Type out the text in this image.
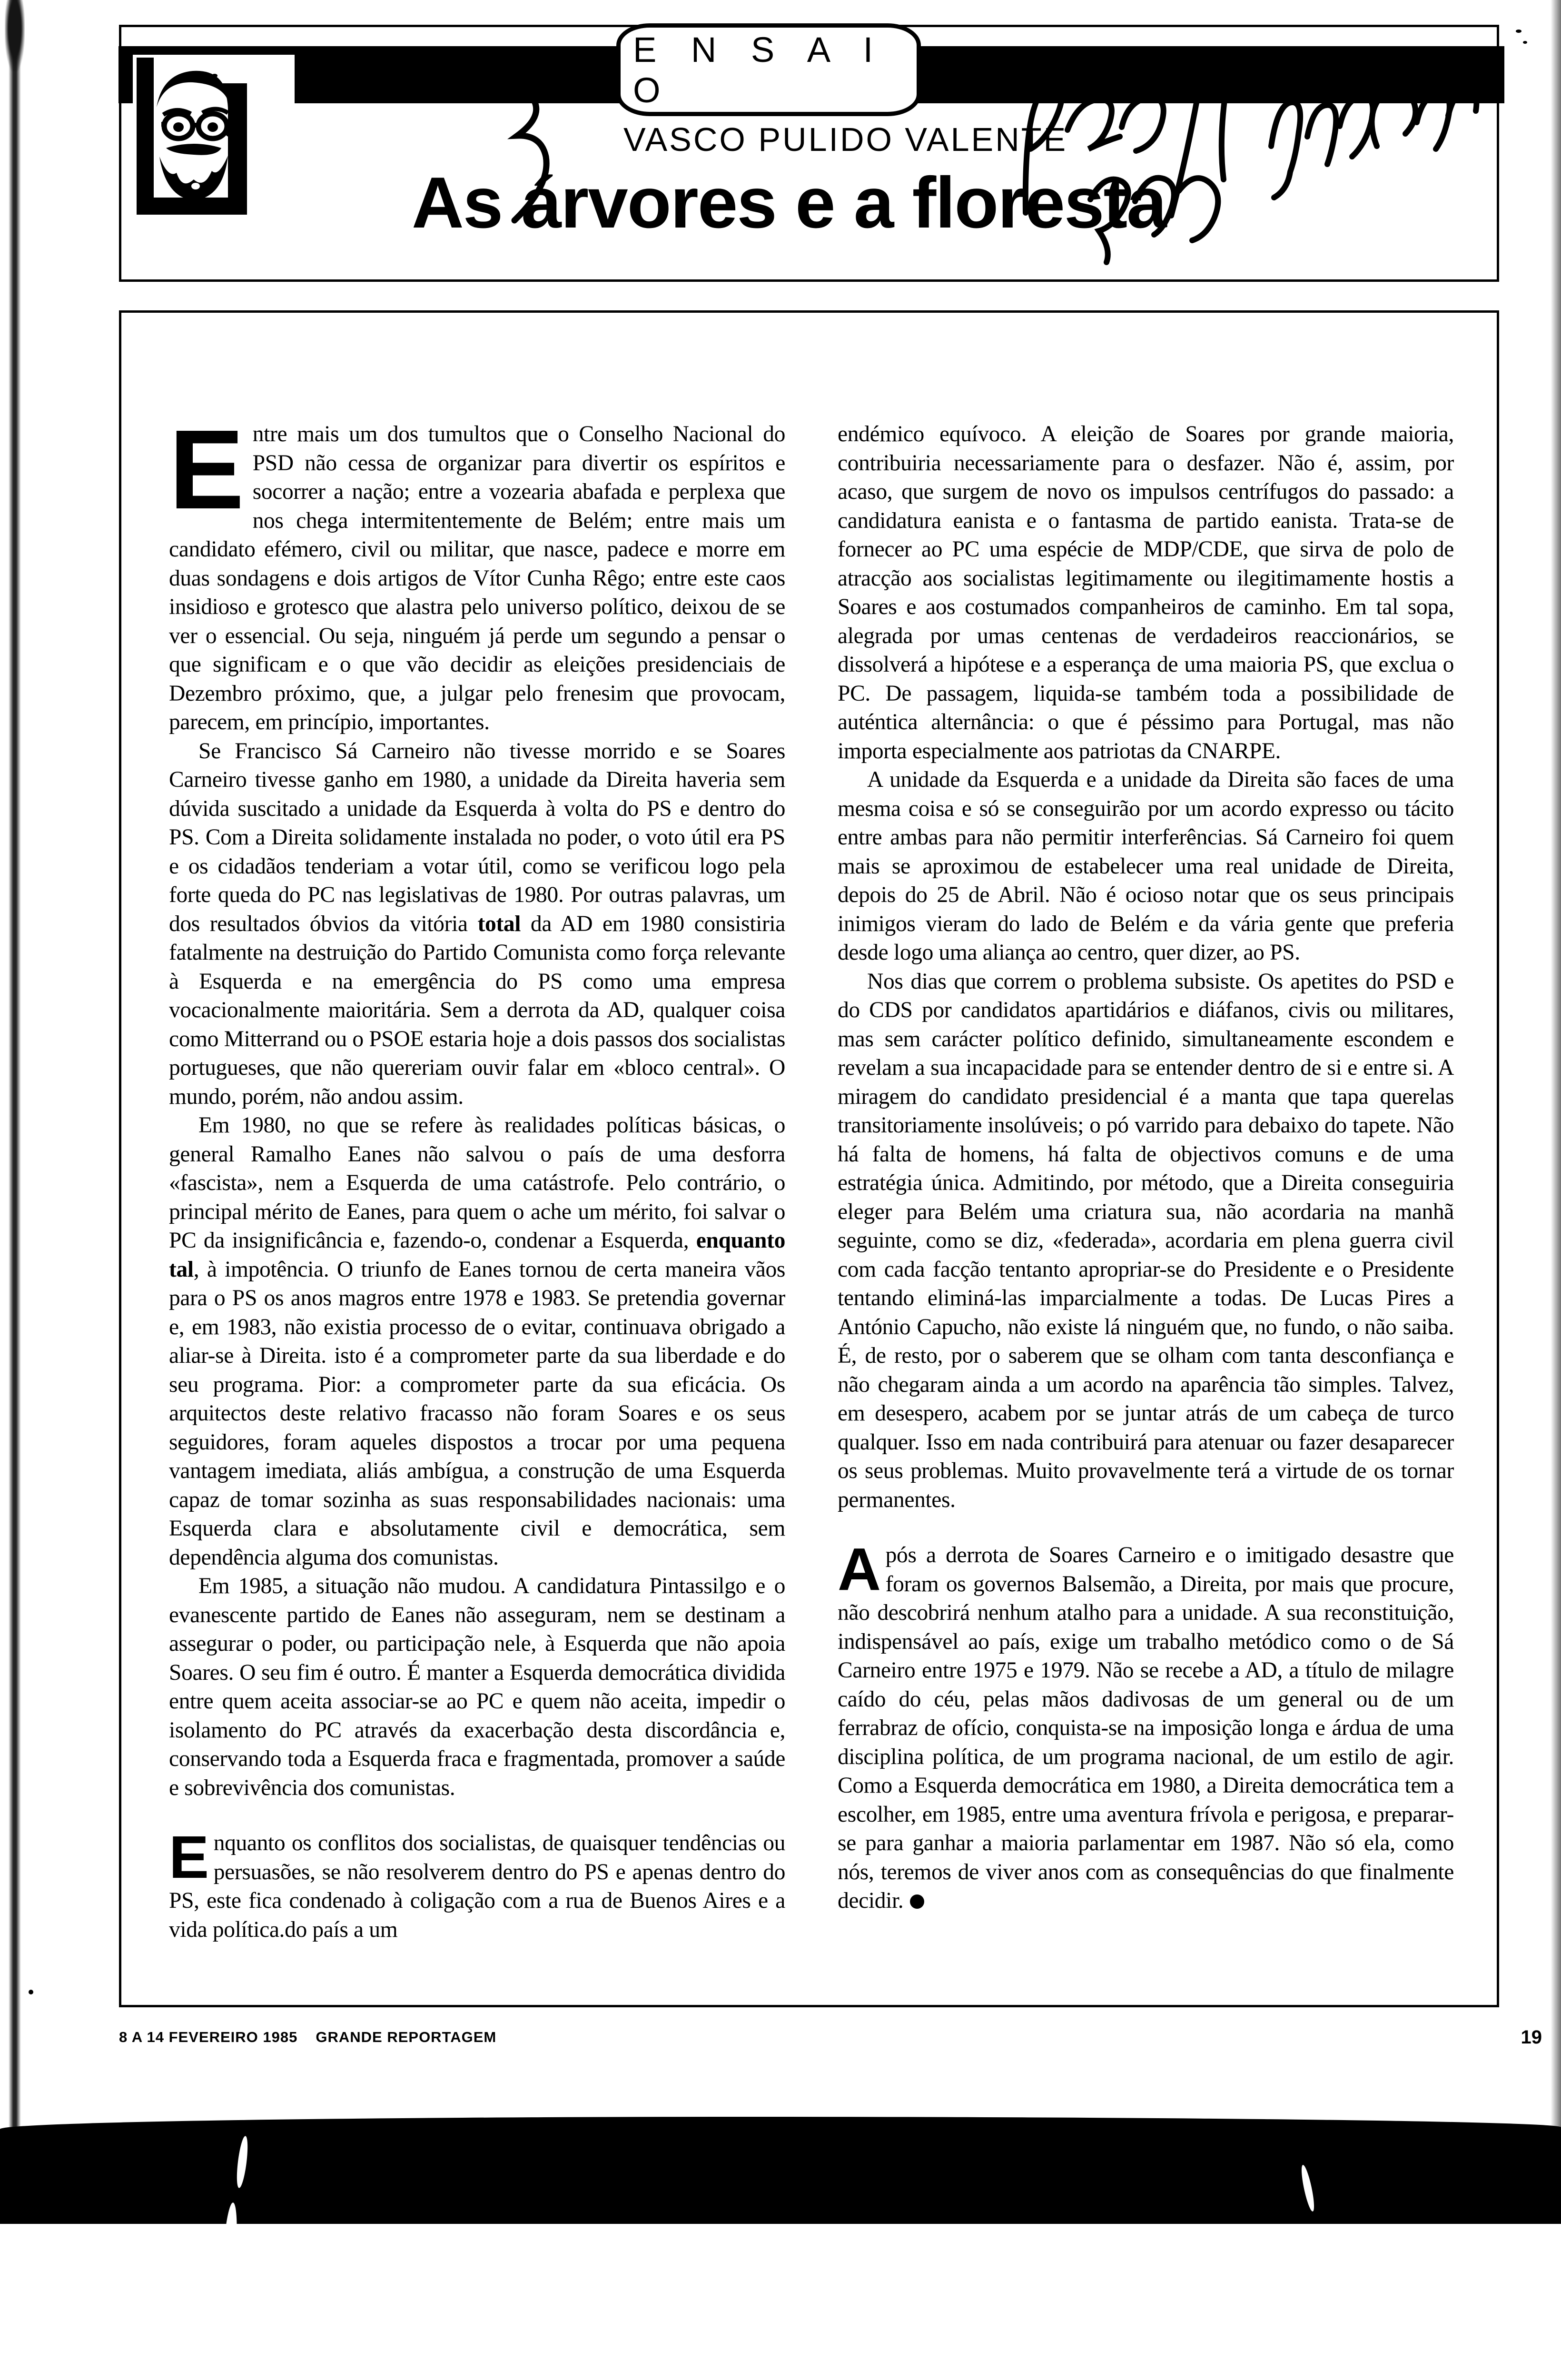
E N S A I O
VASCO PULIDO VALENTE
As árvores e a floresta

Entre mais um dos tumultos que o Conselho Nacional do PSD não cessa de organizar para divertir os espíritos e socorrer a nação; entre a vozearia abafada e perplexa que nos chega intermitentemente de Belém; entre mais um candidato efémero, civil ou militar, que nasce, padece e morre em duas sondagens e dois artigos de Vítor Cunha Rêgo; entre este caos insidioso e grotesco que alastra pelo universo político, deixou de se ver o essencial. Ou seja, ninguém já perde um segundo a pensar o que significam e o que vão decidir as eleições presidenciais de Dezembro próximo, que, a julgar pelo frenesim que provocam, parecem, em princípio, importantes.

Se Francisco Sá Carneiro não tivesse morrido e se Soares Carneiro tivesse ganho em 1980, a unidade da Direita haveria sem dúvida suscitado a unidade da Esquerda à volta do PS e dentro do PS. Com a Direita solidamente instalada no poder, o voto útil era PS e os cidadãos tenderiam a votar útil, como se verificou logo pela forte queda do PC nas legislativas de 1980. Por outras palavras, um dos resultados óbvios da vitória total da AD em 1980 consistiria fatalmente na destruição do Partido Comunista como força relevante à Esquerda e na emergência do PS como uma empresa vocacionalmente maioritária. Sem a derrota da AD, qualquer coisa como Mitterrand ou o PSOE estaria hoje a dois passos dos socialistas portugueses, que não quereriam ouvir falar em «bloco central». O mundo, porém, não andou assim.

Em 1980, no que se refere às realidades políticas básicas, o general Ramalho Eanes não salvou o país de uma desforra «fascista», nem a Esquerda de uma catástrofe. Pelo contrário, o principal mérito de Eanes, para quem o ache um mérito, foi salvar o PC da insignificância e, fazendo-o, condenar a Esquerda, enquanto tal, à impotência. O triunfo de Eanes tornou de certa maneira vãos para o PS os anos magros entre 1978 e 1983. Se pretendia governar e, em 1983, não existia processo de o evitar, continuava obrigado a aliar-se à Direita. isto é a comprometer parte da sua liberdade e do seu programa. Pior: a comprometer parte da sua eficácia. Os arquitectos deste relativo fracasso não foram Soares e os seus seguidores, foram aqueles dispostos a trocar por uma pequena vantagem imediata, aliás ambígua, a construção de uma Esquerda capaz de tomar sozinha as suas responsabilidades nacionais: uma Esquerda clara e absolutamente civil e democrática, sem dependência alguma dos comunistas.

Em 1985, a situação não mudou. A candidatura Pintassilgo e o evanescente partido de Eanes não asseguram, nem se destinam a assegurar o poder, ou participação nele, à Esquerda que não apoia Soares. O seu fim é outro. É manter a Esquerda democrática dividida entre quem aceita associar-se ao PC e quem não aceita, impedir o isolamento do PC através da exacerbação desta discordância e, conservando toda a Esquerda fraca e fragmentada, promover a saúde e sobrevivência dos comunistas.

Enquanto os conflitos dos socialistas, de quaisquer tendências ou persuasões, se não resolverem dentro do PS e apenas dentro do PS, este fica condenado à coligação com a rua de Buenos Aires e a vida política.do país a um

endémico equívoco. A eleição de Soares por grande maioria, contribuiria necessariamente para o desfazer. Não é, assim, por acaso, que surgem de novo os impulsos centrífugos do passado: a candidatura eanista e o fantasma de partido eanista. Trata-se de fornecer ao PC uma espécie de MDP/CDE, que sirva de polo de atracção aos socialistas legitimamente ou ilegitimamente hostis a Soares e aos costumados companheiros de caminho. Em tal sopa, alegrada por umas centenas de verdadeiros reaccionários, se dissolverá a hipótese e a esperança de uma maioria PS, que exclua o PC. De passagem, liquida-se também toda a possibilidade de auténtica alternância: o que é péssimo para Portugal, mas não importa especialmente aos patriotas da CNARPE.

A unidade da Esquerda e a unidade da Direita são faces de uma mesma coisa e só se conseguirão por um acordo expresso ou tácito entre ambas para não permitir interferências. Sá Carneiro foi quem mais se aproximou de estabelecer uma real unidade de Direita, depois do 25 de Abril. Não é ocioso notar que os seus principais inimigos vieram do lado de Belém e da vária gente que preferia desde logo uma aliança ao centro, quer dizer, ao PS.

Nos dias que correm o problema subsiste. Os apetites do PSD e do CDS por candidatos apartidários e diáfanos, civis ou militares, mas sem carácter político definido, simultaneamente escondem e revelam a sua incapacidade para se entender dentro de si e entre si. A miragem do candidato presidencial é a manta que tapa querelas transitoriamente insolúveis; o pó varrido para debaixo do tapete. Não há falta de homens, há falta de objectivos comuns e de uma estratégia única. Admitindo, por método, que a Direita conseguiria eleger para Belém uma criatura sua, não acordaria na manhã seguinte, como se diz, «federada», acordaria em plena guerra civil com cada facção tentanto apropriar-se do Presidente e o Presidente tentando eliminá-las imparcialmente a todas. De Lucas Pires a António Capucho, não existe lá ninguém que, no fundo, o não saiba. É, de resto, por o saberem que se olham com tanta desconfiança e não chegaram ainda a um acordo na aparência tão simples. Talvez, em desespero, acabem por se juntar atrás de um cabeça de turco qualquer. Isso em nada contribuirá para atenuar ou fazer desaparecer os seus problemas. Muito provavelmente terá a virtude de os tornar permanentes.

Após a derrota de Soares Carneiro e o imitigado desastre que foram os governos Balsemão, a Direita, por mais que procure, não descobrirá nenhum atalho para a unidade. A sua reconstituição, indispensável ao país, exige um trabalho metódico como o de Sá Carneiro entre 1975 e 1979. Não se recebe a AD, a título de milagre caído do céu, pelas mãos dadivosas de um general ou de um ferrabraz de ofício, conquista-se na imposição longa e árdua de uma disciplina política, de um programa nacional, de um estilo de agir. Como a Esquerda democrática em 1980, a Direita democrática tem a escolher, em 1985, entre uma aventura frívola e perigosa, e preparar-se para ganhar a maioria parlamentar em 1987. Não só ela, como nós, teremos de viver anos com as consequências do que finalmente decidir.

8 A 14 FEVEREIRO 1985 GRANDE REPORTAGEM	19
